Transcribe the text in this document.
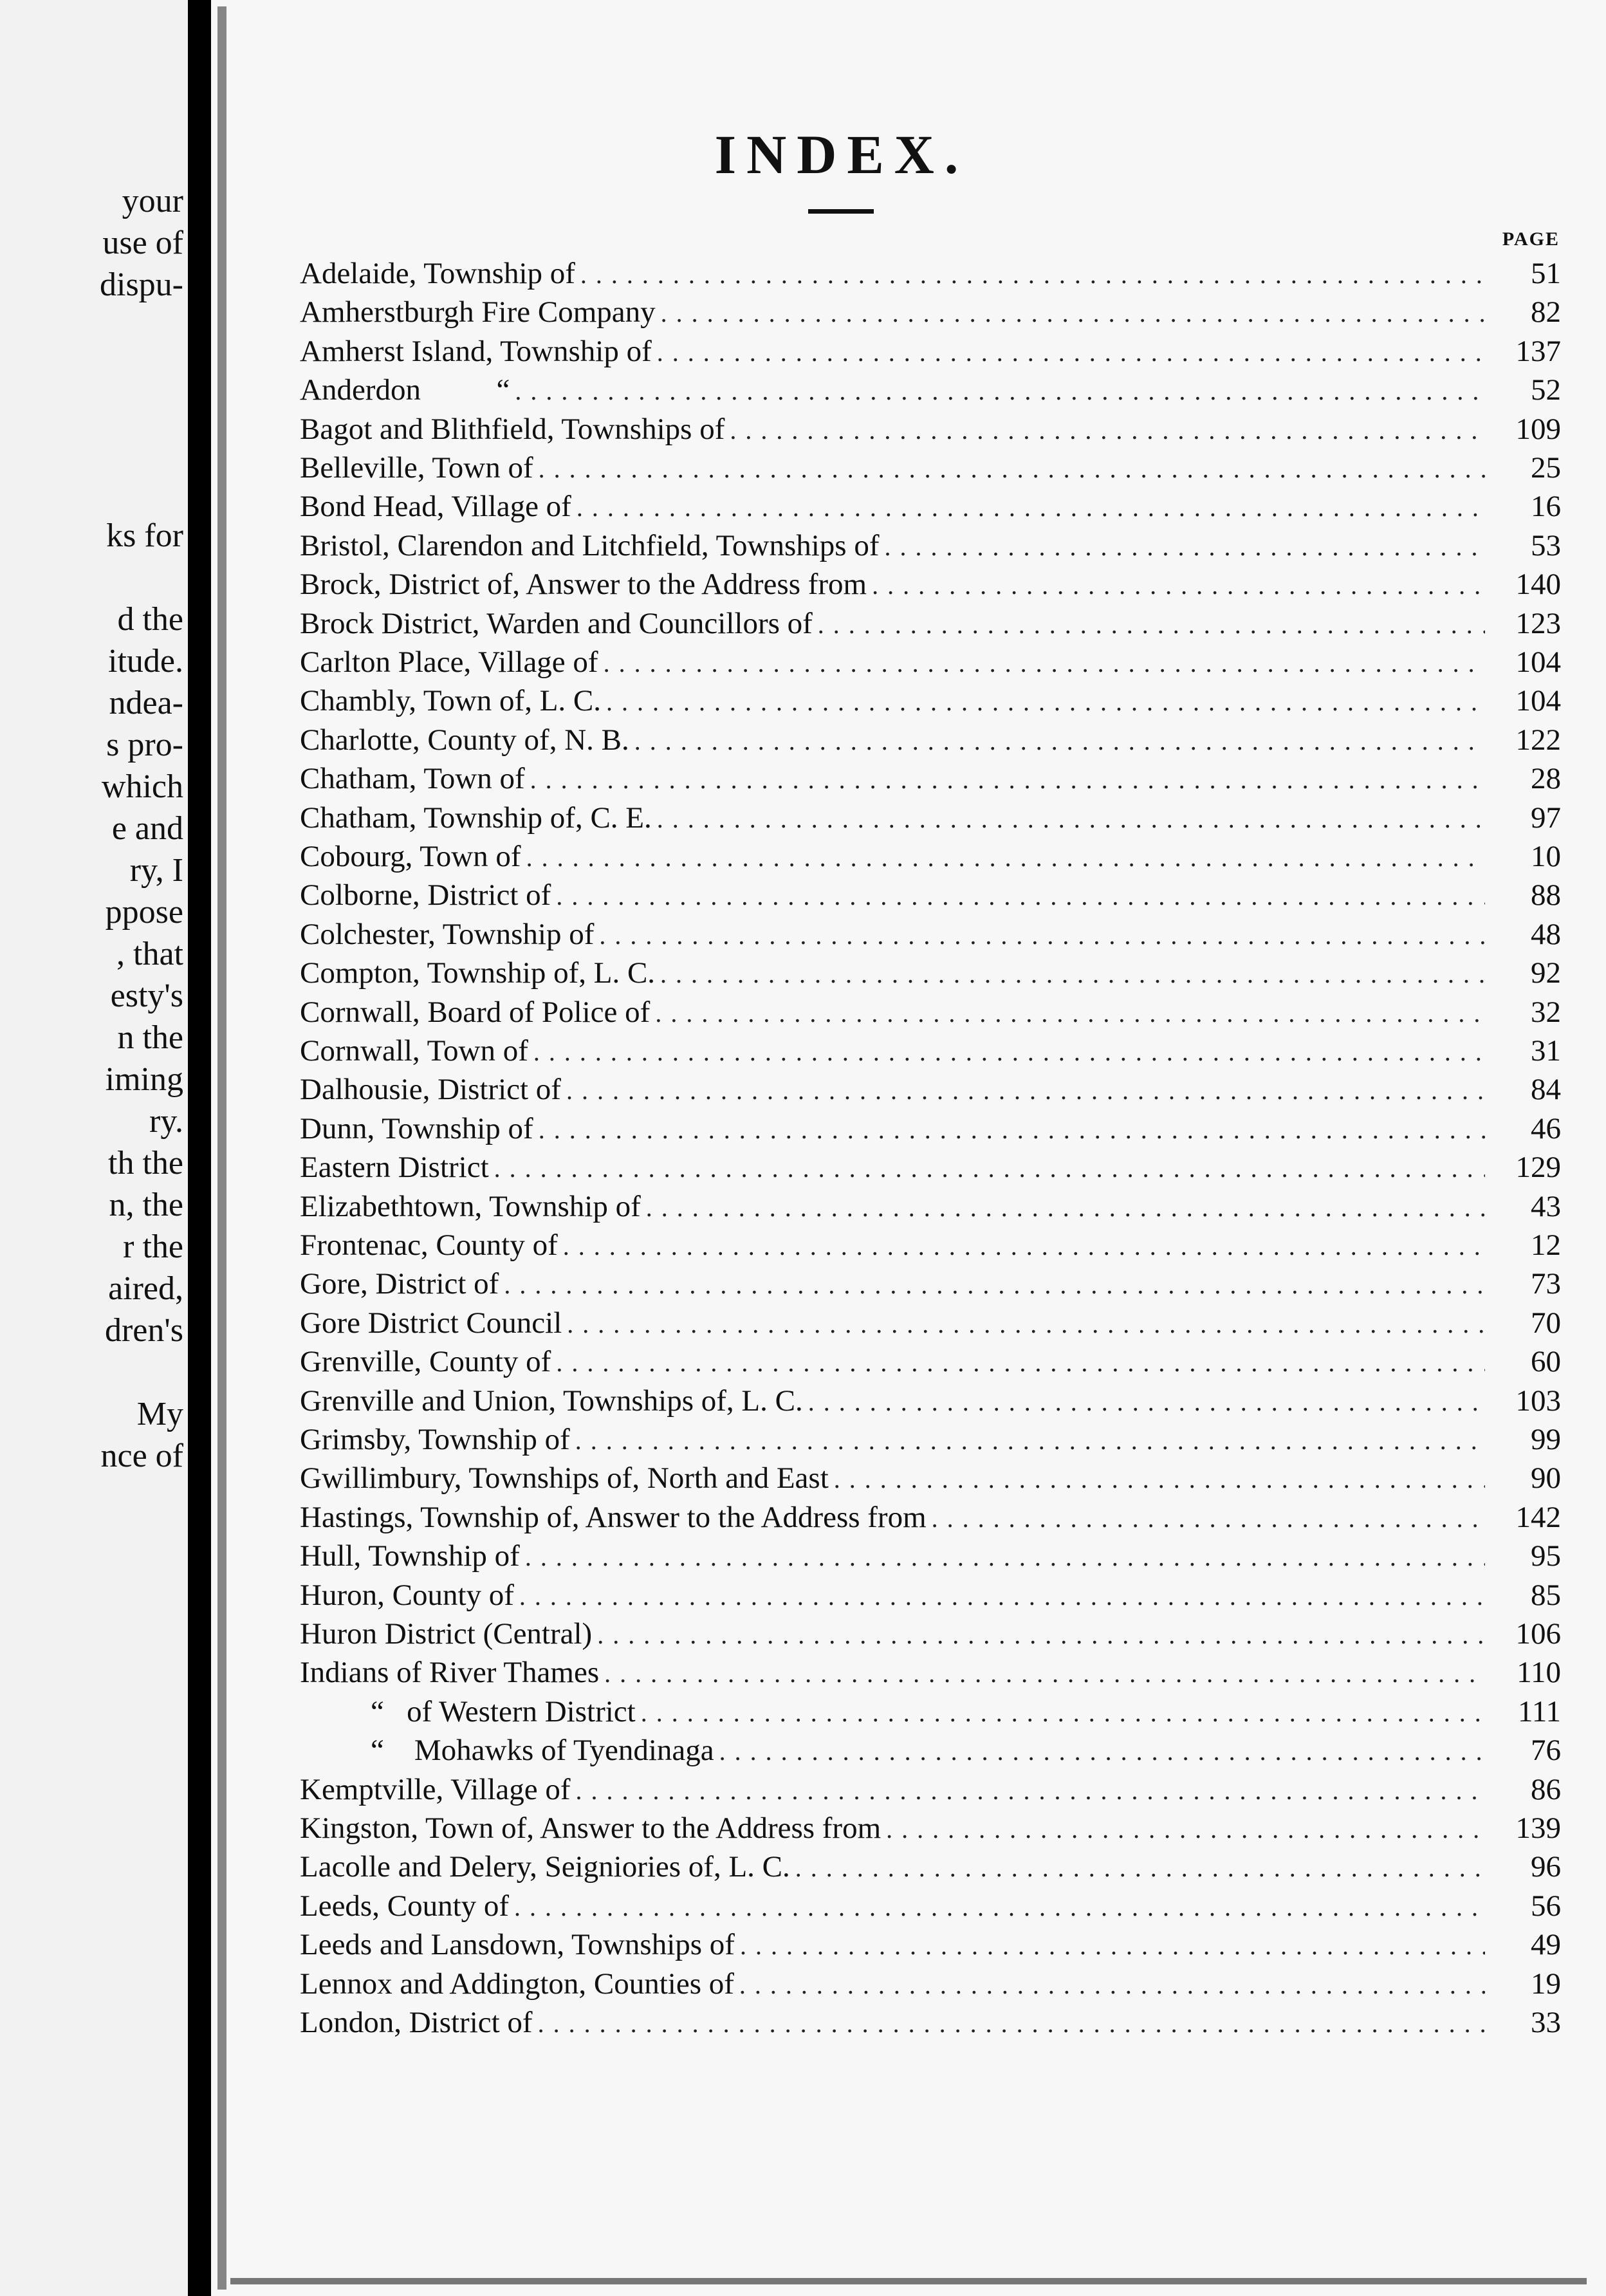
your
use of
dispu-
ks for
d the
itude.
ndea-
s pro-
which
e and
ry, I
ppose
, that
esty's
n the
iming
ry.
th the
n, the
r the
aired,
dren's
My
nce of
INDEX.
PAGE
Adelaide, Township of . . .	51
Amherstburgh Fire Company . . .	82
Amherst Island, Township of . . .	137
Anderdon          “ . . .	52
Bagot and Blithfield, Townships of . . .	109
Belleville, Town of . . .	25
Bond Head, Village of . . .	16
Bristol, Clarendon and Litchfield, Townships of . . .	53
Brock, District of, Answer to the Address from . . .	140
Brock District, Warden and Councillors of . . .	123
Carlton Place, Village of . . .	104
Chambly, Town of, L. C. . . .	104
Charlotte, County of, N. B. . . .	122
Chatham, Town of . . .	28
Chatham, Township of, C. E. . . .	97
Cobourg, Town of . . .	10
Colborne, District of . . .	88
Colchester, Township of . . .	48
Compton, Township of, L. C. . . .	92
Cornwall, Board of Police of . . .	32
Cornwall, Town of . . .	31
Dalhousie, District of . . .	84
Dunn, Township of . . .	46
Eastern District . . .	129
Elizabethtown, Township of . . .	43
Frontenac, County of . . .	12
Gore, District of . . .	73
Gore District Council . . .	70
Grenville, County of . . .	60
Grenville and Union, Townships of, L. C. . . .	103
Grimsby, Township of . . .	99
Gwillimbury, Townships of, North and East . . .	90
Hastings, Township of, Answer to the Address from . . .	142
Hull, Township of . . .	95
Huron, County of . . .	85
Huron District (Central) . . .	106
Indians of River Thames . . .	110
“   of Western District . . .	111
“    Mohawks of Tyendinaga . . .	76
Kemptville, Village of . . .	86
Kingston, Town of, Answer to the Address from . . .	139
Lacolle and Delery, Seigniories of, L. C. . . .	96
Leeds, County of . . .	56
Leeds and Lansdown, Townships of . . .	49
Lennox and Addington, Counties of . . .	19
London, District of . . .	33
